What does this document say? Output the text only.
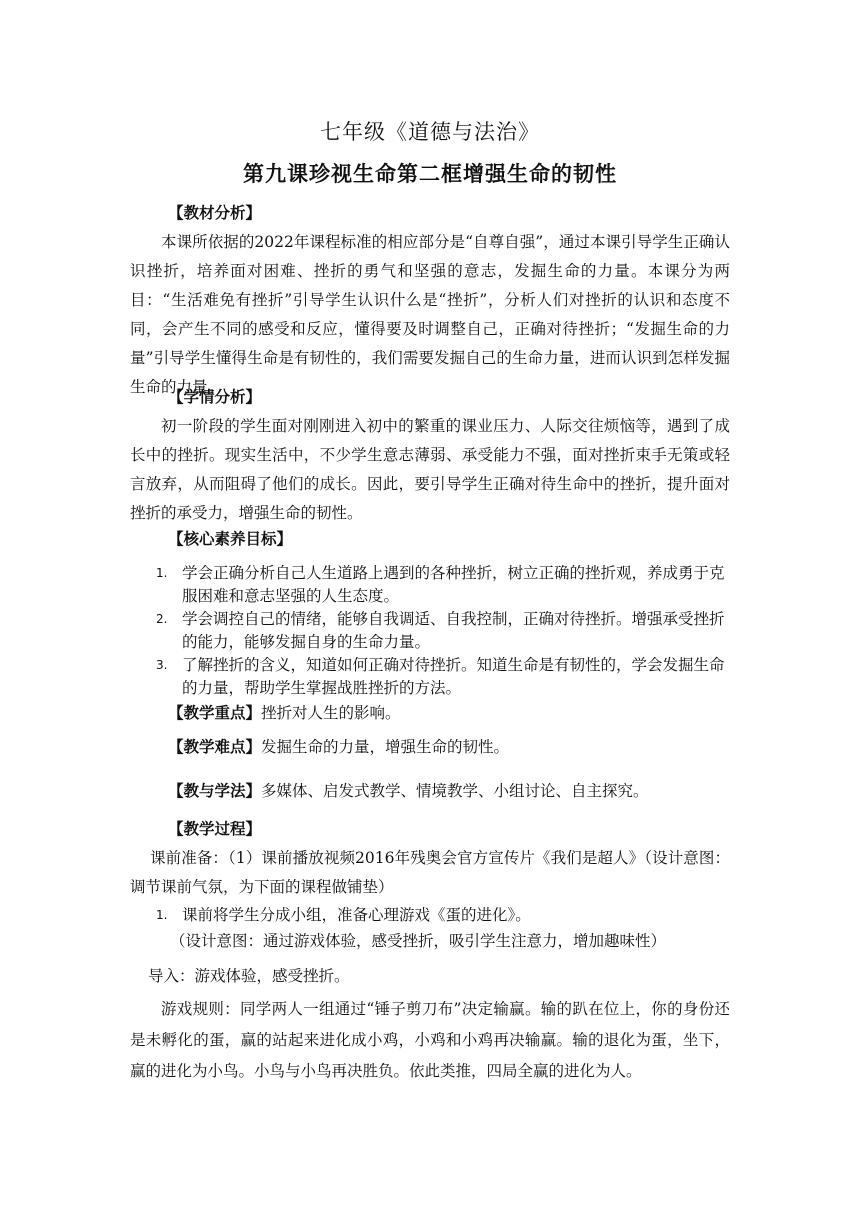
七年级《道德与法治》
第九课珍视生命第二框增强生命的韧性
【教材分析】

本课所依据的2022年课程标准的相应部分是“自尊自强”，通过本课引导学生正确认识挫折，培养面对困难、挫折的勇气和坚强的意志，发掘生命的力量。本课分为两目：“生活难免有挫折”引导学生认识什么是“挫折”，分析人们对挫折的认识和态度不同，会产生不同的感受和反应，懂得要及时调整自己，正确对待挫折；“发掘生命的力量”引导学生懂得生命是有韧性的，我们需要发掘自己的生命力量，进而认识到怎样发掘生命的力量。

【学情分析】

初一阶段的学生面对刚刚进入初中的繁重的课业压力、人际交往烦恼等，遇到了成长中的挫折。现实生活中，不少学生意志薄弱、承受能力不强，面对挫折束手无策或轻言放弃，从而阻碍了他们的成长。因此，要引导学生正确对待生命中的挫折，提升面对挫折的承受力，增强生命的韧性。

【核心素养目标】
1. 学会正确分析自己人生道路上遇到的各种挫折，树立正确的挫折观，养成勇于克服困难和意志坚强的人生态度。
2. 学会调控自己的情绪，能够自我调适、自我控制，正确对待挫折。增强承受挫折的能力，能够发掘自身的生命力量。
3. 了解挫折的含义，知道如何正确对待挫折。知道生命是有韧性的，学会发掘生命的力量，帮助学生掌握战胜挫折的方法。
【教学重点】挫折对人生的影响。
【教学难点】发掘生命的力量，增强生命的韧性。
【教与学法】多媒体、启发式教学、情境教学、小组讨论、自主探究。
【教学过程】

课前准备：（1）课前播放视频2016年残奥会官方宣传片《我们是超人》（设计意图：调节课前气氛，为下面的课程做铺垫）

1. 课前将学生分成小组，准备心理游戏《蛋的进化》。
（设计意图：通过游戏体验，感受挫折，吸引学生注意力，增加趣味性）
导入：游戏体验，感受挫折。

游戏规则：同学两人一组通过“锤子剪刀布”决定输赢。输的趴在位上，你的身份还是未孵化的蛋，赢的站起来进化成小鸡，小鸡和小鸡再决输赢。输的退化为蛋，坐下，赢的进化为小鸟。小鸟与小鸟再决胜负。依此类推，四局全赢的进化为人。
